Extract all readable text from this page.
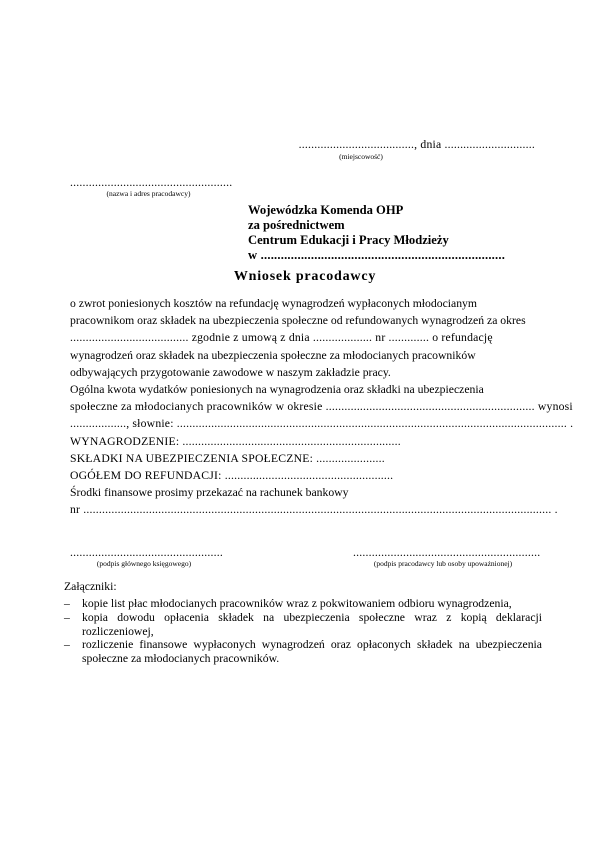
....................................., dnia .............................
(miejscowość)
....................................................
(nazwa i adres pracodawcy)
Wojewódzka Komenda OHP
za pośrednictwem
Centrum Edukacji i Pracy Młodzieży
w .........................................................................
Wniosek pracodawcy
o zwrot poniesionych kosztów na refundację wynagrodzeń wypłaconych młodocianym
pracownikom oraz składek na ubezpieczenia społeczne od refundowanych wynagrodzeń za okres
...................................... zgodnie z umową z dnia ................... nr ............. o refundację
wynagrodzeń oraz składek na ubezpieczenia społeczne za młodocianych pracowników
odbywających przygotowanie zawodowe w naszym zakładzie pracy.
Ogólna kwota wydatków poniesionych na wynagrodzenia oraz składki na ubezpieczenia
społeczne za młodocianych pracowników w okresie ................................................................... wynosi
.................., słownie: ............................................................................................................................. .
WYNAGRODZENIE: ......................................................................
SKŁADKI NA UBEZPIECZENIA SPOŁECZNE: ......................
OGÓŁEM DO REFUNDACJI: ......................................................
Środki finansowe prosimy przekazać na rachunek bankowy
nr ...................................................................................................................................................... .
.................................................
(podpis głównego księgowego)
............................................................
(podpis pracodawcy lub osoby upoważnionej)
Załączniki:
– kopie list płac młodocianych pracowników wraz z pokwitowaniem odbioru wynagrodzenia,
– kopia dowodu opłacenia składek na ubezpieczenia społeczne wraz z kopią deklaracji
rozliczeniowej,
– rozliczenie finansowe wypłaconych wynagrodzeń oraz opłaconych składek na ubezpieczenia
społeczne za młodocianych pracowników.
